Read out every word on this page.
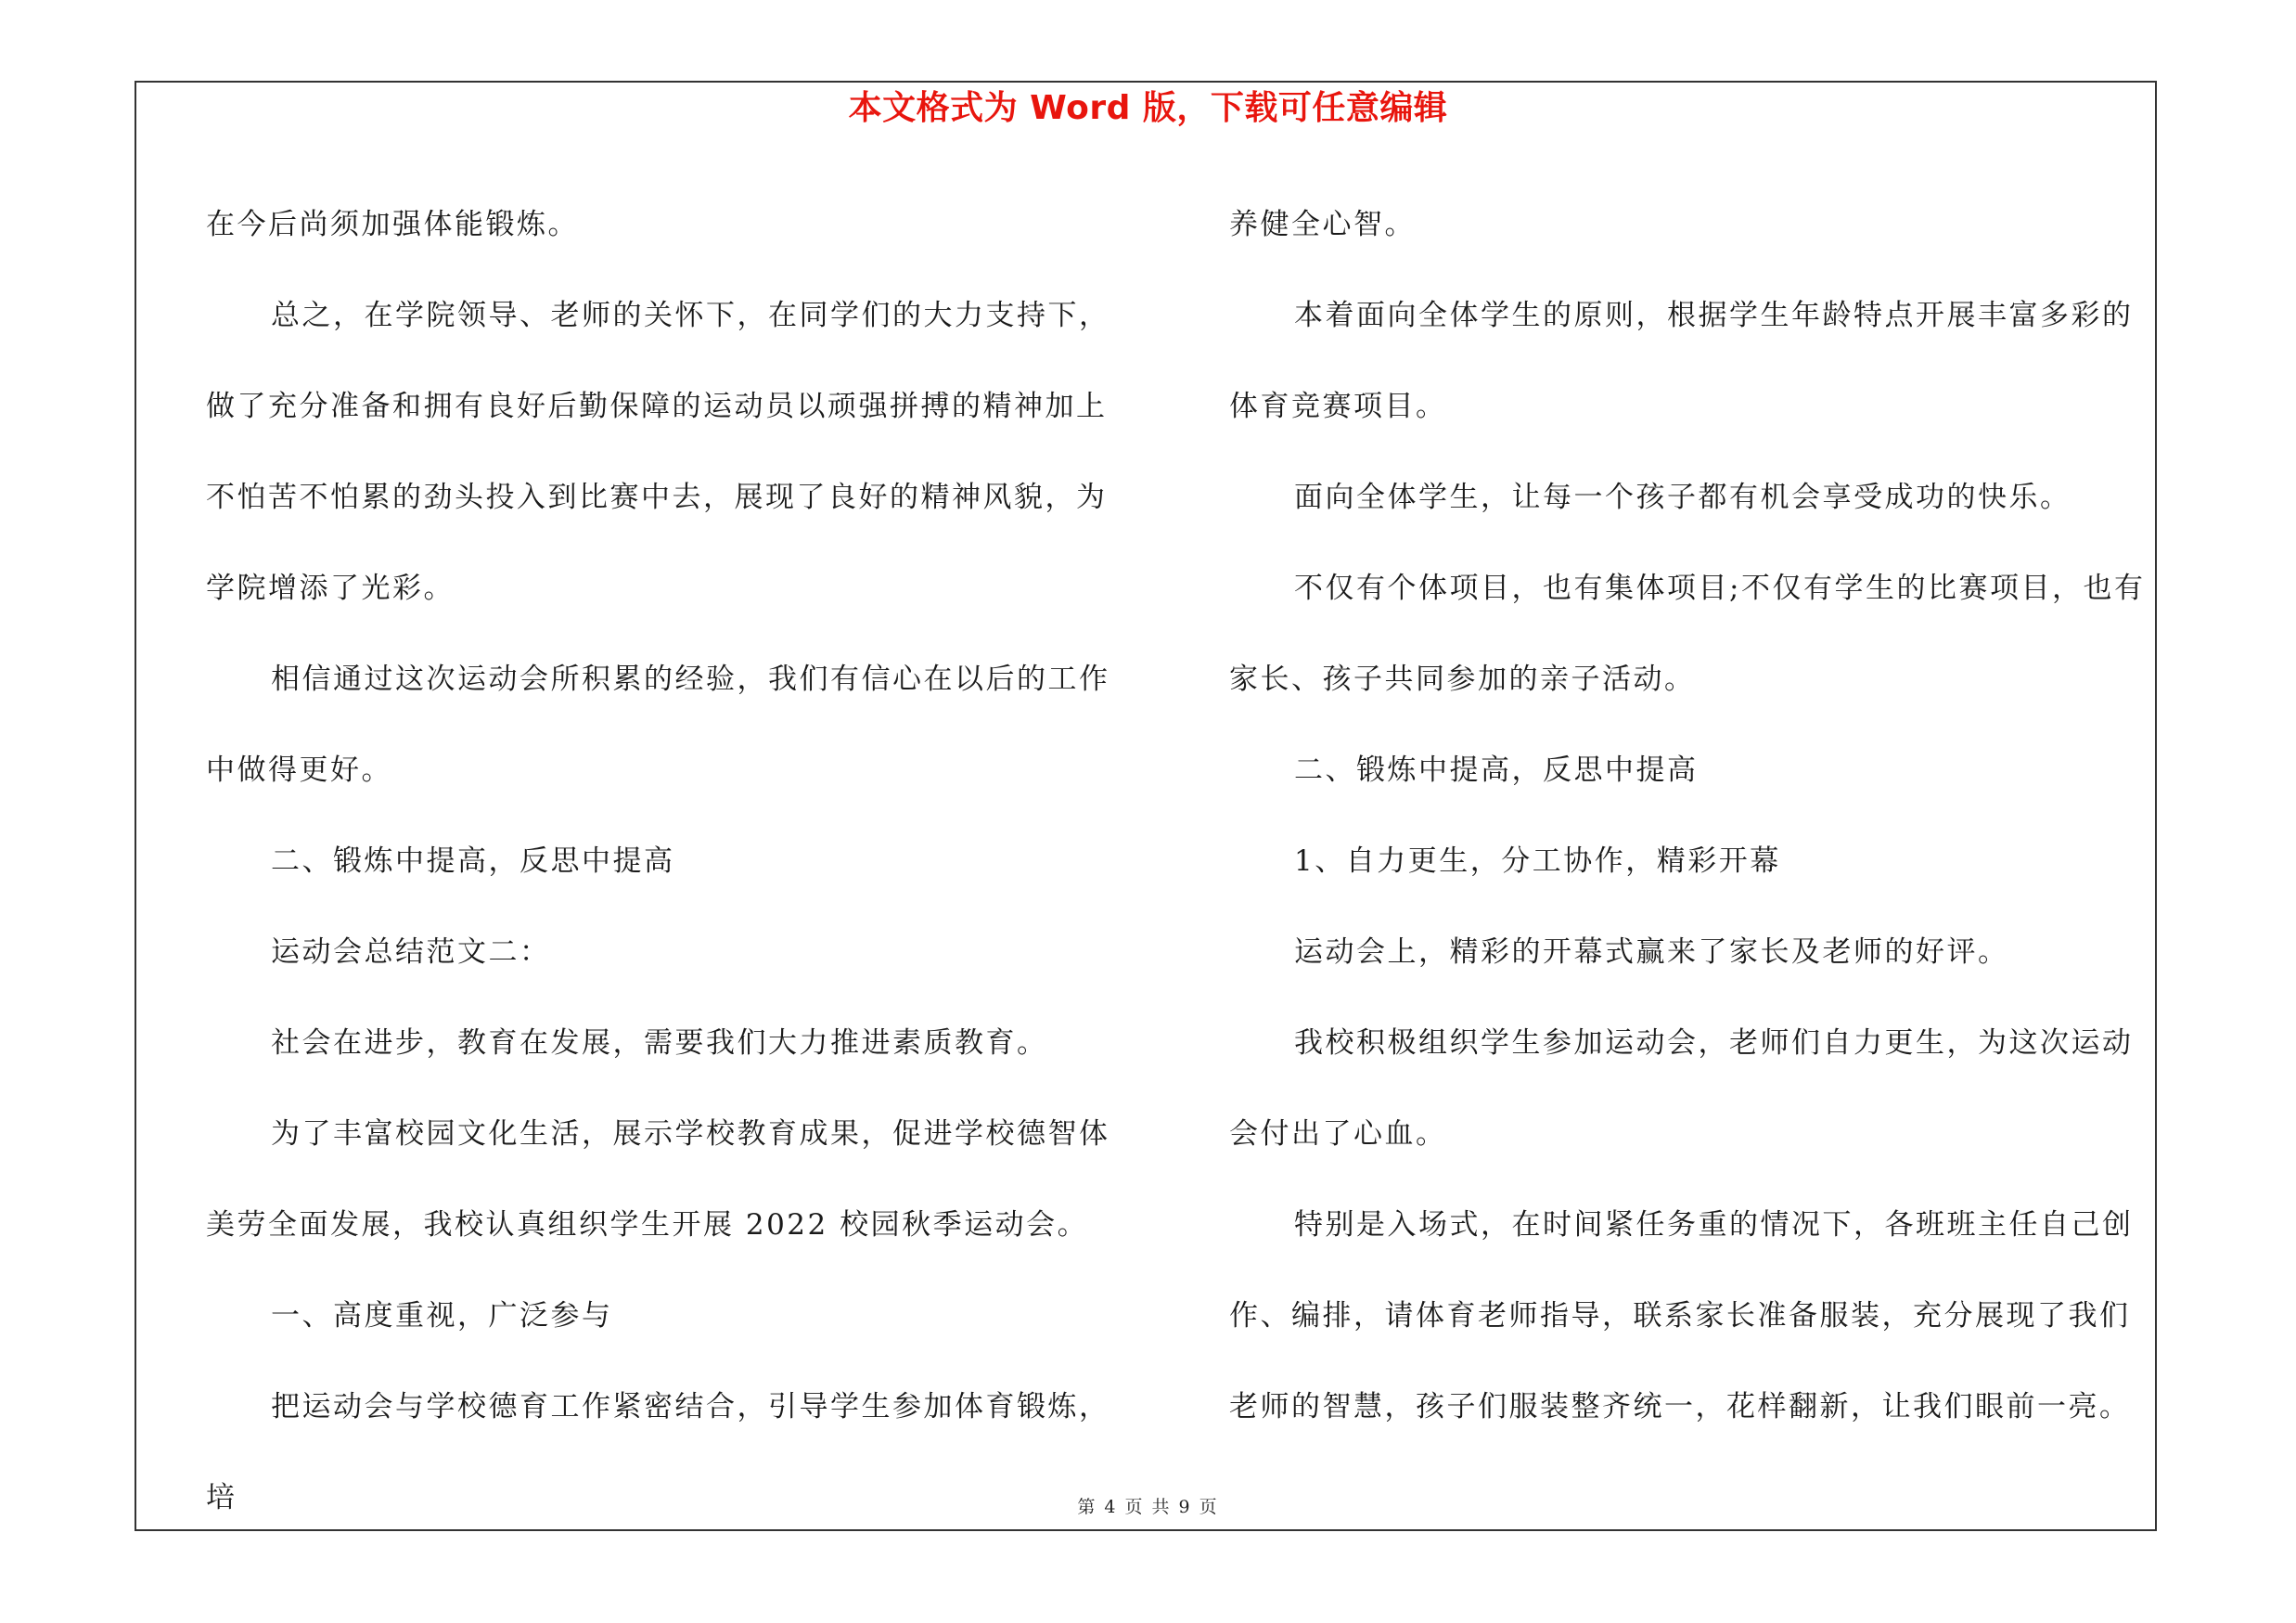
本文格式为 Word 版，下载可任意编辑

在今后尚须加强体能锻炼。

总之，在学院领导、老师的关怀下，在同学们的大力支持下，做了充分准备和拥有良好后勤保障的运动员以顽强拼搏的精神加上不怕苦不怕累的劲头投入到比赛中去，展现了良好的精神风貌，为学院增添了光彩。

相信通过这次运动会所积累的经验，我们有信心在以后的工作中做得更好。

二、锻炼中提高，反思中提高

运动会总结范文二：

社会在进步，教育在发展，需要我们大力推进素质教育。

为了丰富校园文化生活，展示学校教育成果，促进学校德智体美劳全面发展，我校认真组织学生开展 2022 校园秋季运动会。

一、高度重视，广泛参与

把运动会与学校德育工作紧密结合，引导学生参加体育锻炼，培

养健全心智。

本着面向全体学生的原则，根据学生年龄特点开展丰富多彩的体育竞赛项目。

面向全体学生，让每一个孩子都有机会享受成功的快乐。

不仅有个体项目，也有集体项目;不仅有学生的比赛项目，也有家长、孩子共同参加的亲子活动。

二、锻炼中提高，反思中提高

1、自力更生，分工协作，精彩开幕

运动会上，精彩的开幕式赢来了家长及老师的好评。

我校积极组织学生参加运动会，老师们自力更生，为这次运动会付出了心血。

特别是入场式，在时间紧任务重的情况下，各班班主任自己创作、编排，请体育老师指导，联系家长准备服装，充分展现了我们老师的智慧，孩子们服装整齐统一，花样翻新，让我们眼前一亮。

第 4 页 共 9 页
